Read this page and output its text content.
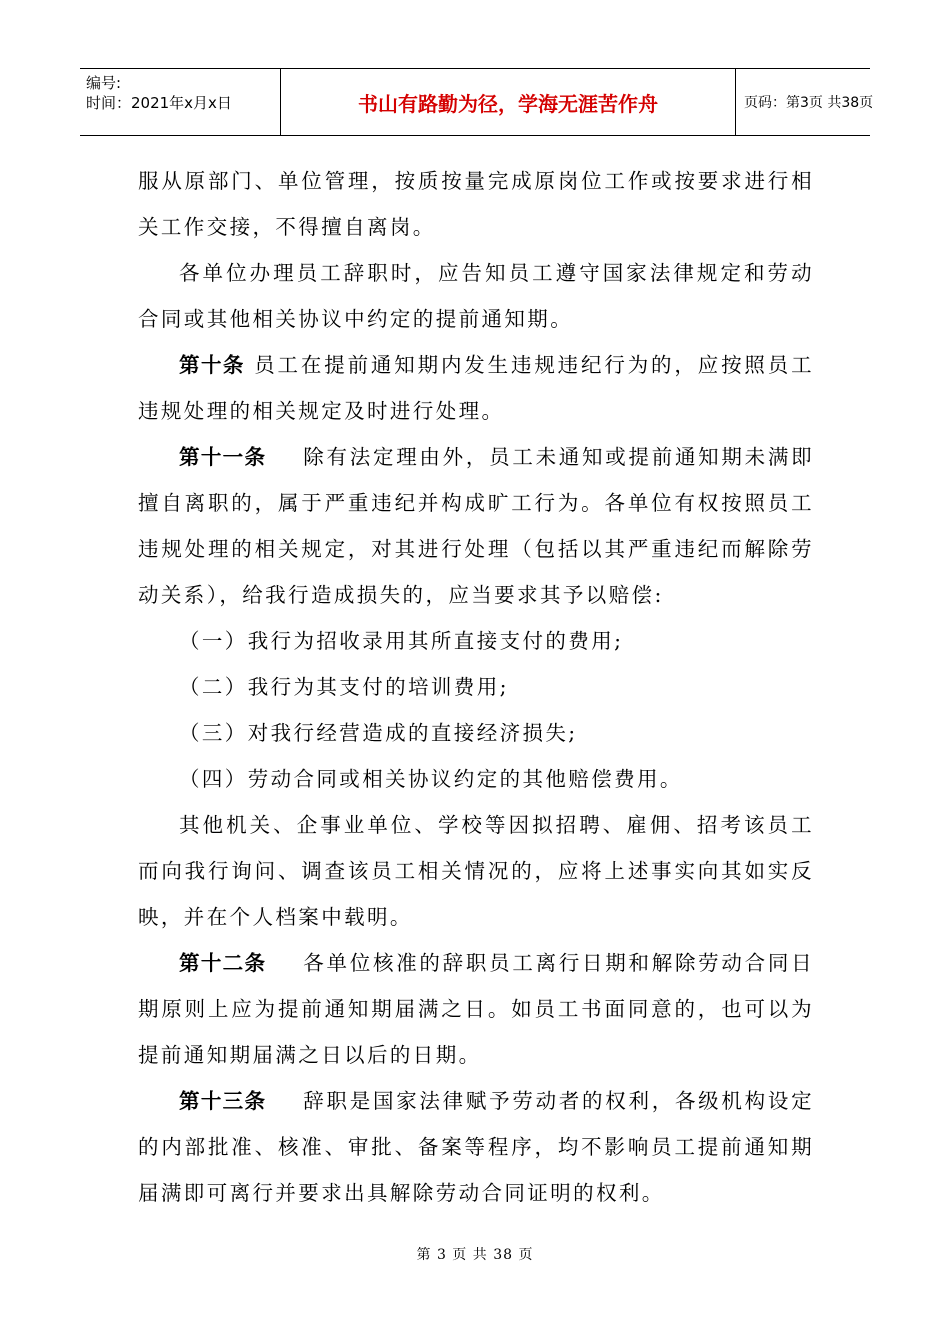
编号:
时间：2021年x月x日	书山有路勤为径，学海无涯苦作舟	页码：第3页 共38页

服从原部门、单位管理，按质按量完成原岗位工作或按要求进行相关工作交接，不得擅自离岗。

各单位办理员工辞职时，应告知员工遵守国家法律规定和劳动合同或其他相关协议中约定的提前通知期。

第十条 员工在提前通知期内发生违规违纪行为的，应按照员工违规处理的相关规定及时进行处理。

第十一条 除有法定理由外，员工未通知或提前通知期未满即擅自离职的，属于严重违纪并构成旷工行为。各单位有权按照员工违规处理的相关规定，对其进行处理（包括以其严重违纪而解除劳动关系），给我行造成损失的，应当要求其予以赔偿:

（一）我行为招收录用其所直接支付的费用;

（二）我行为其支付的培训费用;

（三）对我行经营造成的直接经济损失;

（四）劳动合同或相关协议约定的其他赔偿费用。

其他机关、企事业单位、学校等因拟招聘、雇佣、招考该员工而向我行询问、调查该员工相关情况的，应将上述事实向其如实反映，并在个人档案中载明。

第十二条 各单位核准的辞职员工离行日期和解除劳动合同日期原则上应为提前通知期届满之日。如员工书面同意的，也可以为提前通知期届满之日以后的日期。

第十三条 辞职是国家法律赋予劳动者的权利，各级机构设定的内部批准、核准、审批、备案等程序，均不影响员工提前通知期届满即可离行并要求出具解除劳动合同证明的权利。

第 3 页 共 38 页
